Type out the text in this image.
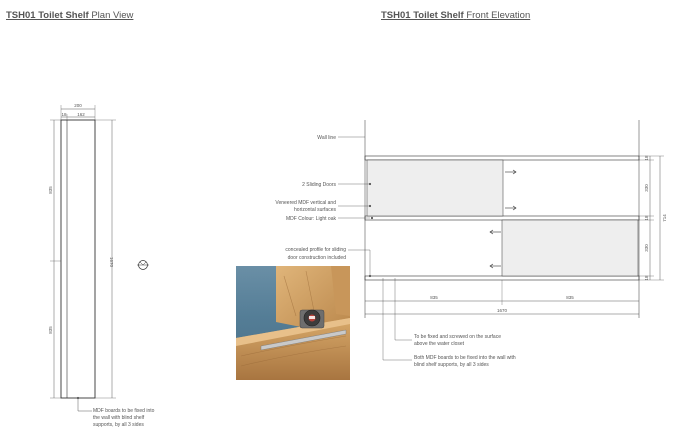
TSH01 Toilet Shelf Plan View	TSH01 Toilet Shelf Front Elevation
200
18 162
835
835
1670
MDF boards to be fixed into
the wall with blind shelf
supports, by all 3 sides
Wall line
2 Sliding Doors
Veneered MDF vertical and
horizontal surfaces
MDF Colour: Light oak
concealed profile for sliding
door construction included
835	835
1670
18
330
18
330
18
714
To be fixed and screwed on the surface
above the water closet
Both MDF boards to be fixed into the wall with
blind shelf supports, by all 3 sides
